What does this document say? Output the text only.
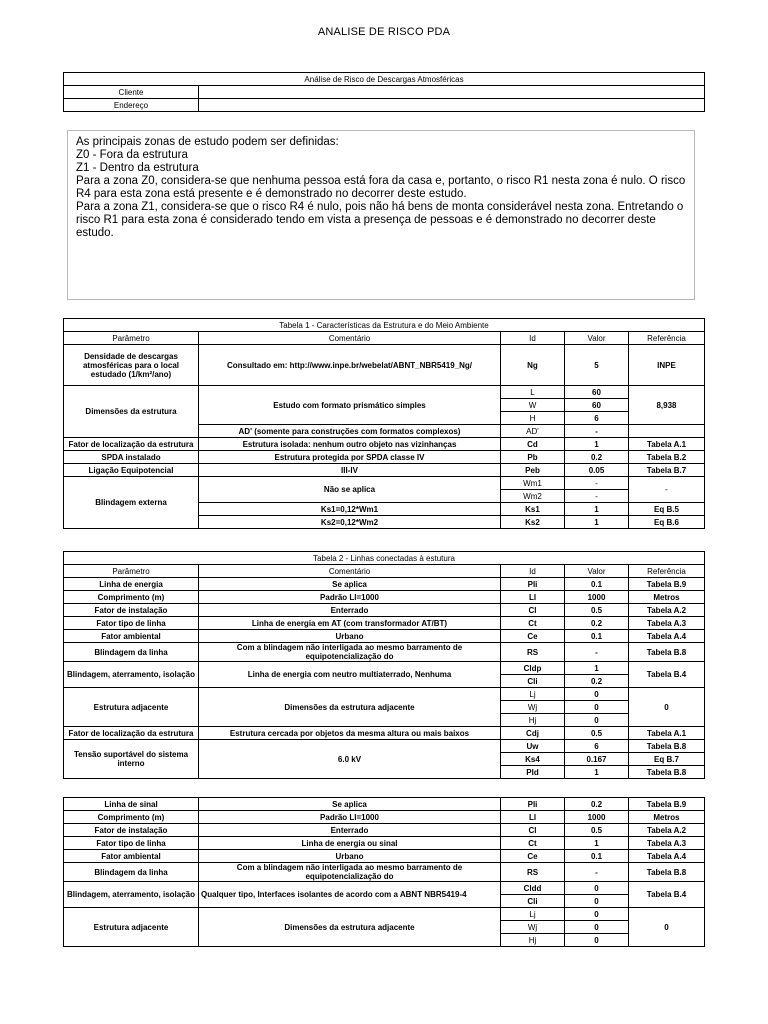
ANALISE DE RISCO PDA
Análise de Risco de Descargas Atmosféricas	
Cliente	
Endereço	

As principais zonas de estudo podem ser definidas:

Z0 - Fora da estrutura

Z1 - Dentro da estrutura

Para a zona Z0, considera-se que nenhuma pessoa está fora da casa e, portanto, o risco R1 nesta zona é nulo. O risco R4 para esta zona está presente e é demonstrado no decorrer deste estudo.

Para a zona Z1, considera-se que o risco R4 é nulo, pois não há bens de monta considerável nesta zona. Entretando o risco R1 para esta zona é considerado tendo em vista a presença de pessoas e é demonstrado no decorrer deste estudo.

Tabela 1 - Características da Estrutura e do Meio Ambiente				
Parâmetro	Comentário	Id	Valor	Referência
Densidade de descargas atmosféricas para o local estudado (1/km²/ano)	Consultado em: http://www.inpe.br/webelat/ABNT_NBR5419_Ng/	Ng	5	INPE
Dimensões da estrutura	Estudo com formato prismático simples	L	60	8,938
		W	60	
		H	6	
	AD' (somente para construções com formatos complexos)	AD'	-	
Fator de localização da estrutura	Estrutura isolada: nenhum outro objeto nas vizinhanças	Cd	1	Tabela A.1
SPDA instalado	Estrutura protegida por SPDA classe IV	Pb	0.2	Tabela B.2
Ligação Equipotencial	III-IV	Peb	0.05	Tabela B.7
Blindagem externa	Não se aplica	Wm1	-	-
		Wm2	-	
	Ks1=0,12*Wm1	Ks1	1	Eq B.5
	Ks2=0,12*Wm2	Ks2	1	Eq B.6
Tabela 2 - Linhas conectadas à estutura				
Parâmetro	Comentário	Id	Valor	Referência
Linha de energia	Se aplica	Pli	0.1	Tabela B.9
Comprimento (m)	Padrão Ll=1000	Ll	1000	Metros
Fator de instalação	Enterrado	Cl	0.5	Tabela A.2
Fator tipo de linha	Linha de energia em AT (com transformador AT/BT)	Ct	0.2	Tabela A.3
Fator ambiental	Urbano	Ce	0.1	Tabela A.4
Blindagem da linha	Com a blindagem não interligada ao mesmo barramento de equipotencialização do	RS	-	Tabela B.8
Blindagem, aterramento, isolação	Linha de energia com neutro multiaterrado, Nenhuma	Cldp	1	Tabela B.4
		Cli	0.2	
Estrutura adjacente	Dimensões da estrutura adjacente	Lj	0	0
		Wj	0	
		Hj	0	
Fator de localização da estrutura	Estrutura cercada por objetos da mesma altura ou mais baixos	Cdj	0.5	Tabela A.1
Tensão suportável do sistema interno	6.0 kV	Uw	6	Tabela B.8
		Ks4	0.167	Eq B.7
		Pld	1	Tabela B.8
Linha de sinal	Se aplica	Pli	0.2	Tabela B.9
Comprimento (m)	Padrão Ll=1000	Ll	1000	Metros
Fator de instalação	Enterrado	Cl	0.5	Tabela A.2
Fator tipo de linha	Linha de energia ou sinal	Ct	1	Tabela A.3
Fator ambiental	Urbano	Ce	0.1	Tabela A.4
Blindagem da linha	Com a blindagem não interligada ao mesmo barramento de equipotencialização do	RS	-	Tabela B.8
Blindagem, aterramento, isolação	Qualquer tipo, Interfaces isolantes de acordo com a ABNT NBR5419-4	Cldd	0	Tabela B.4
		Cli	0	
Estrutura adjacente	Dimensões da estrutura adjacente	Lj	0	0
		Wj	0	
		Hj	0	
